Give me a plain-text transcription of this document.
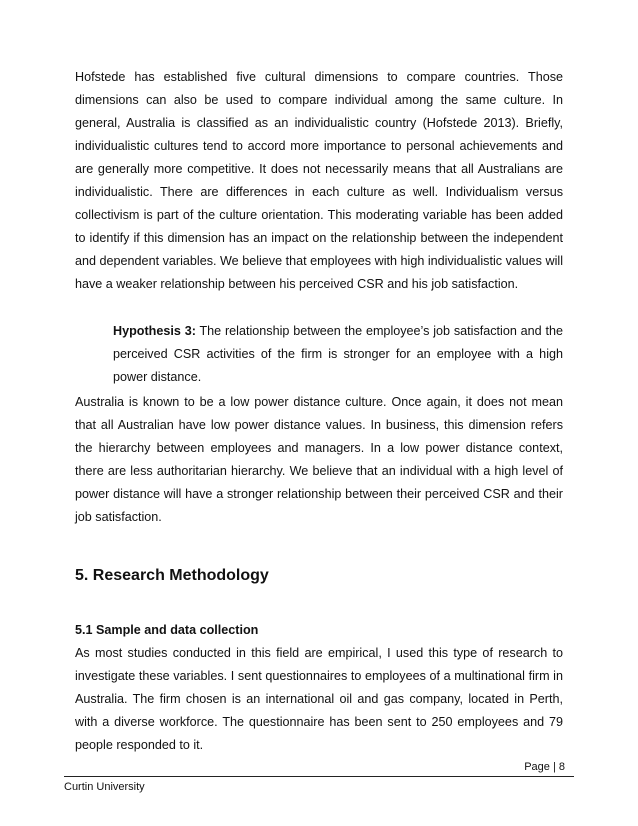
Hofstede has established five cultural dimensions to compare countries. Those dimensions can also be used to compare individual among the same culture. In general, Australia is classified as an individualistic country (Hofstede 2013). Briefly, individualistic cultures tend to accord more importance to personal achievements and are generally more competitive. It does not necessarily means that all Australians are individualistic. There are differences in each culture as well. Individualism versus collectivism is part of the culture orientation. This moderating variable has been added to identify if this dimension has an impact on the relationship between the independent and dependent variables. We believe that employees with high individualistic values will have a weaker relationship between his perceived CSR and his job satisfaction.

Hypothesis 3: The relationship between the employee’s job satisfaction and the perceived CSR activities of the firm is stronger for an employee with a high power distance.

Australia is known to be a low power distance culture. Once again, it does not mean that all Australian have low power distance values. In business, this dimension refers the hierarchy between employees and managers. In a low power distance context, there are less authoritarian hierarchy. We believe that an individual with a high level of power distance will have a stronger relationship between their perceived CSR and their job satisfaction.

5. Research Methodology
5.1 Sample and data collection

As most studies conducted in this field are empirical, I used this type of research to investigate these variables. I sent questionnaires to employees of a multinational firm in Australia. The firm chosen is an international oil and gas company, located in Perth, with a diverse workforce. The questionnaire has been sent to 250 employees and 79 people responded to it.

Page | 8
Curtin University
